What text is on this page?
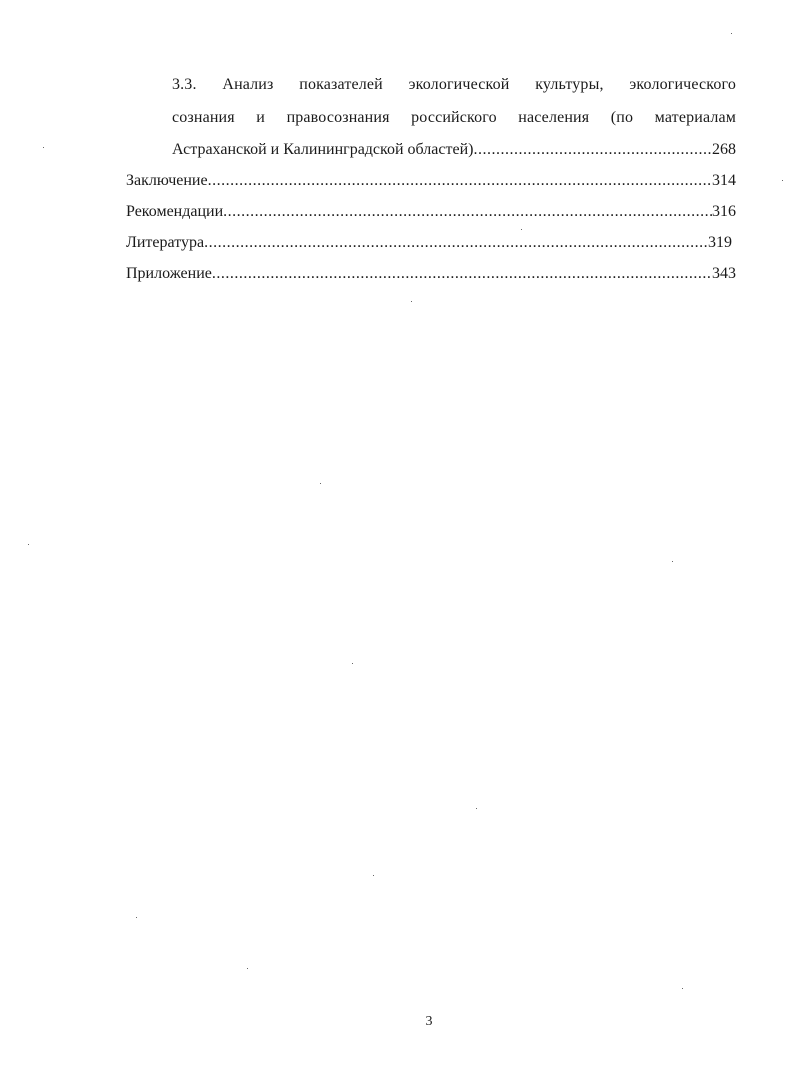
3.3. Анализ показателей экологической культуры, экологического
сознания и правосознания российского населения (по материалам
Астраханской и Калининградской областей) .....	268
Заключение .....	314
Рекомендации .....	316
Литература .....	319
Приложение .....	343
3
